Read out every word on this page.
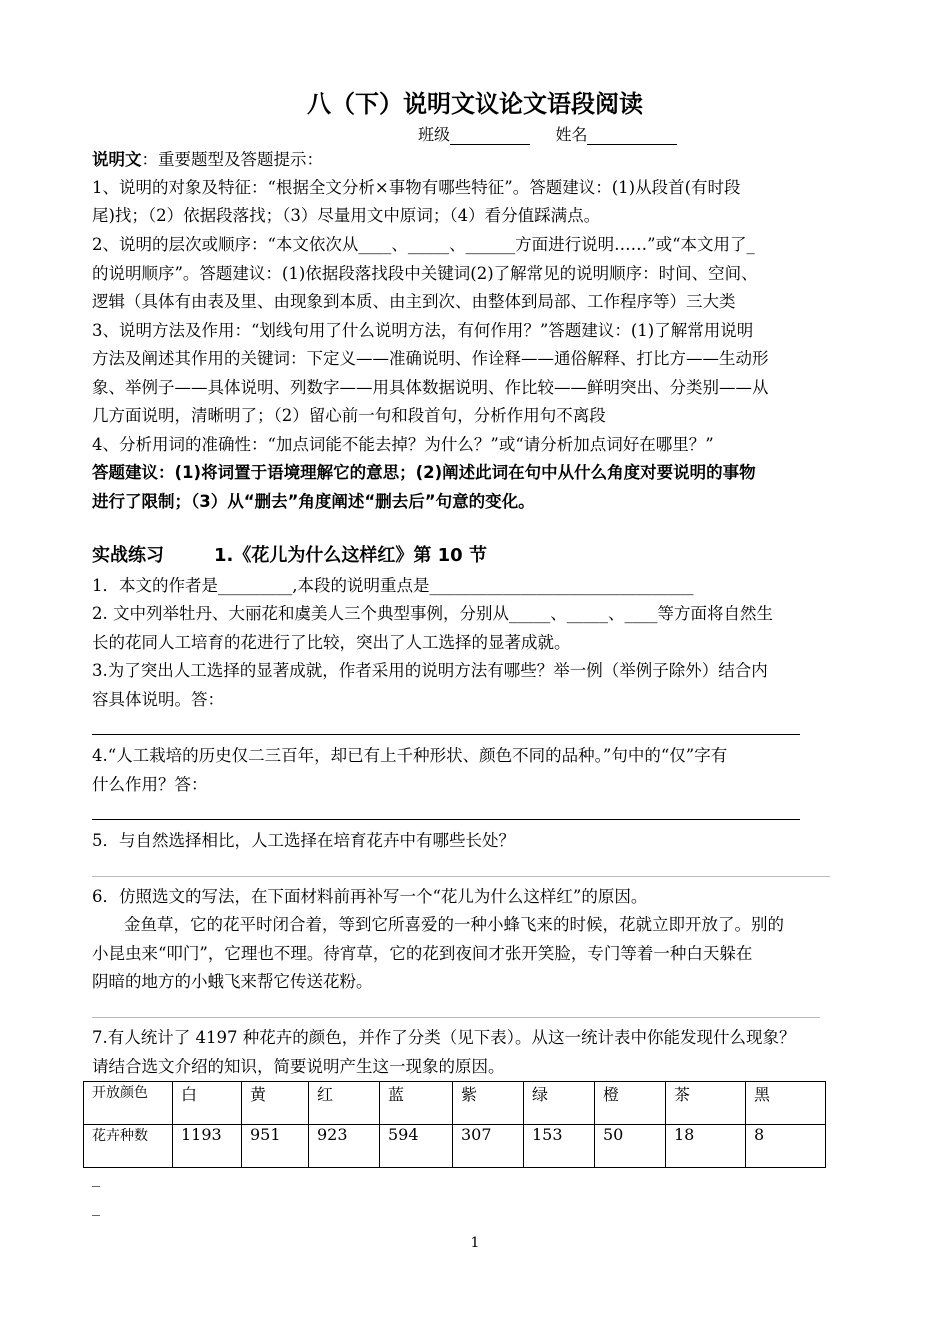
八（下）说明文议论文语段阅读
班级	姓名
说明文：重要题型及答题提示：
1、说明的对象及特征：“根据全文分析×事物有哪些特征”。答题建议：(1)从段首(有时段
尾)找；（2）依据段落找；（3）尽量用文中原词；（4）看分值踩满点。
2、说明的层次或顺序：“本文依次从____、_____、______方面进行说明……”或“本文用了_
的说明顺序”。答题建议：(1)依据段落找段中关键词(2)了解常见的说明顺序：时间、空间、
逻辑（具体有由表及里、由现象到本质、由主到次、由整体到局部、工作程序等）三大类
3、说明方法及作用：“划线句用了什么说明方法，有何作用？”答题建议：(1)了解常用说明
方法及阐述其作用的关键词：下定义——准确说明、作诠释——通俗解释、打比方——生动形
象、举例子——具体说明、列数字——用具体数据说明、作比较——鲜明突出、分类别——从
几方面说明，清晰明了；（2）留心前一句和段首句，分析作用句不离段
4、分析用词的准确性：“加点词能不能去掉？为什么？”或“请分析加点词好在哪里？”
答题建议：(1)将词置于语境理解它的意思；(2)阐述此词在句中从什么角度对要说明的事物
进行了限制；（3）从“删去”角度阐述“删去后”句意的变化。
实战练习	1.《花儿为什么这样红》第 10 节
1．本文的作者是_________,本段的说明重点是________________________________
2. 文中列举牡丹、大丽花和虞美人三个典型事例，分别从_____、_____、____等方面将自然生
长的花同人工培育的花进行了比较，突出了人工选择的显著成就。
3.为了突出人工选择的显著成就，作者采用的说明方法有哪些？举一例（举例子除外）结合内
容具体说明。答：
4.“人工栽培的历史仅二三百年，却已有上千种形状、颜色不同的品种。”句中的“仅”字有
什么作用？答：
5．与自然选择相比，人工选择在培育花卉中有哪些长处？
6．仿照选文的写法，在下面材料前再补写一个“花儿为什么这样红”的原因。
金鱼草，它的花平时闭合着，等到它所喜爱的一种小蜂飞来的时候，花就立即开放了。别的
小昆虫来“叩门”，它理也不理。待宵草，它的花到夜间才张开笑脸，专门等着一种白天躲在
阴暗的地方的小蛾飞来帮它传送花粉。
7.有人统计了 4197 种花卉的颜色，并作了分类（见下表）。从这一统计表中你能发现什么现象？
请结合选文介绍的知识，简要说明产生这一现象的原因。
开放颜色	白	黄	红	蓝	紫	绿	橙	茶	黑
花卉种数	1193	951	923	594	307	153	50	18	8
_
_
1
